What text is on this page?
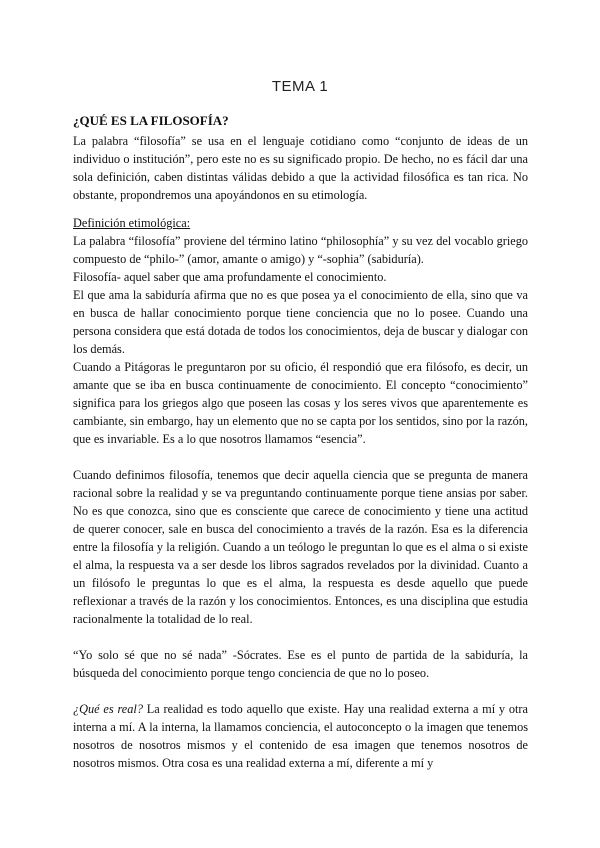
TEMA 1

¿QUÉ ES LA FILOSOFÍA?

La palabra “filosofía” se usa en el lenguaje cotidiano como “conjunto de ideas de un individuo o institución”, pero este no es su significado propio. De hecho, no es fácil dar una sola definición, caben distintas válidas debido a que la actividad filosófica es tan rica. No obstante, propondremos una apoyándonos en su etimología.

Definición etimológica:

La palabra “filosofía” proviene del término latino “philosophía” y su vez del vocablo griego compuesto de “philo-” (amor, amante o amigo) y “-sophia” (sabiduría).

Filosofía- aquel saber que ama profundamente el conocimiento.

El que ama la sabiduría afirma que no es que posea ya el conocimiento de ella, sino que va en busca de hallar conocimiento porque tiene conciencia que no lo posee. Cuando una persona considera que está dotada de todos los conocimientos, deja de buscar y dialogar con los demás.

Cuando a Pitágoras le preguntaron por su oficio, él respondió que era filósofo, es decir, un amante que se iba en busca continuamente de conocimiento. El concepto “conocimiento” significa para los griegos algo que poseen las cosas y los seres vivos que aparentemente es cambiante, sin embargo, hay un elemento que no se capta por los sentidos, sino por la razón, que es invariable. Es a lo que nosotros llamamos “esencia”.

Cuando definimos filosofía, tenemos que decir aquella ciencia que se pregunta de manera racional sobre la realidad y se va preguntando continuamente porque tiene ansias por saber. No es que conozca, sino que es consciente que carece de conocimiento y tiene una actitud de querer conocer, sale en busca del conocimiento a través de la razón. Esa es la diferencia entre la filosofía y la religión. Cuando a un teólogo le preguntan lo que es el alma o si existe el alma, la respuesta va a ser desde los libros sagrados revelados por la divinidad. Cuanto a un filósofo le preguntas lo que es el alma, la respuesta es desde aquello que puede reflexionar a través de la razón y los conocimientos. Entonces, es una disciplina que estudia racionalmente la totalidad de lo real.

“Yo solo sé que no sé nada” -Sócrates. Ese es el punto de partida de la sabiduría, la búsqueda del conocimiento porque tengo conciencia de que no lo poseo.

¿Qué es real? La realidad es todo aquello que existe. Hay una realidad externa a mí y otra interna a mí. A la interna, la llamamos conciencia, el autoconcepto o la imagen que tenemos nosotros de nosotros mismos y el contenido de esa imagen que tenemos nosotros de nosotros mismos. Otra cosa es una realidad externa a mí, diferente a mí y
